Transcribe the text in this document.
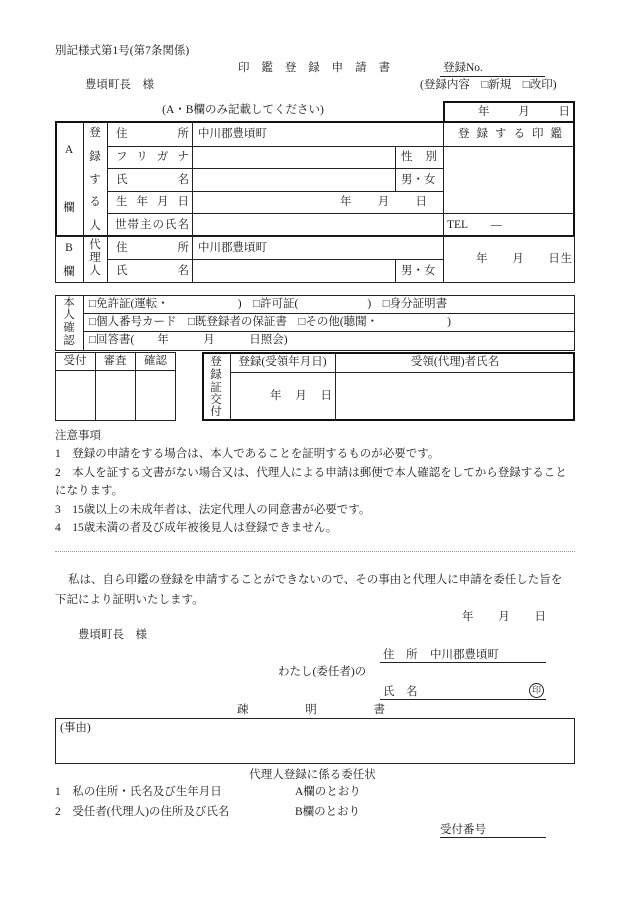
別記様式第1号(第7条関係)
印鑑登録申請書	登録No.
豊頃町長　様	(登録内容　□新規　□改印)
(A・B欄のみ記載してください)	年　　月　　日
A
欄
登
録
す
る
人
住所 中川郡豊頃町	登録する印鑑
フリガナ	性別
氏名	男・女
生年月日	年　　月　　日
世帯主の氏名	TEL　　—
B
欄
代
理
人
住所 中川郡豊頃町
氏名	男・女
年　　月　　日生
本
人
確
認
□免許証(運転・　　　　　　)　□許可証(　　　　　　)　□身分証明書
□個人番号カード　□既登録者の保証書　□その他(聴聞・　　　　　　)
□回答書(　　年　　　月　　　日照会)
受付	審査	確認	登
録
証
交
付
登録(受領年月日)	受領(代理)者氏名
年　月　日
注意事項
1　登録の申請をする場合は、本人であることを証明するものが必要です。
2　本人を証する文書がない場合又は、代理人による申請は郵便で本人確認をしてから登録すること
になります。
3　15歳以上の未成年者は、法定代理人の同意書が必要です。
4　15歳未満の者及び成年被後見人は登録できません。
私は、自ら印鑑の登録を申請することができないので、その事由と代理人に申請を委任した旨を
下記により証明いたします。
年　　月　　日
豊頃町長　様
住　所 中川郡豊頃町
わたし(委任者)の
氏　名	印
疎明書
(事由)
代理人登録に係る委任状
1　私の住所・氏名及び生年月日	A欄のとおり
2　受任者(代理人)の住所及び氏名	B欄のとおり
受付番号
